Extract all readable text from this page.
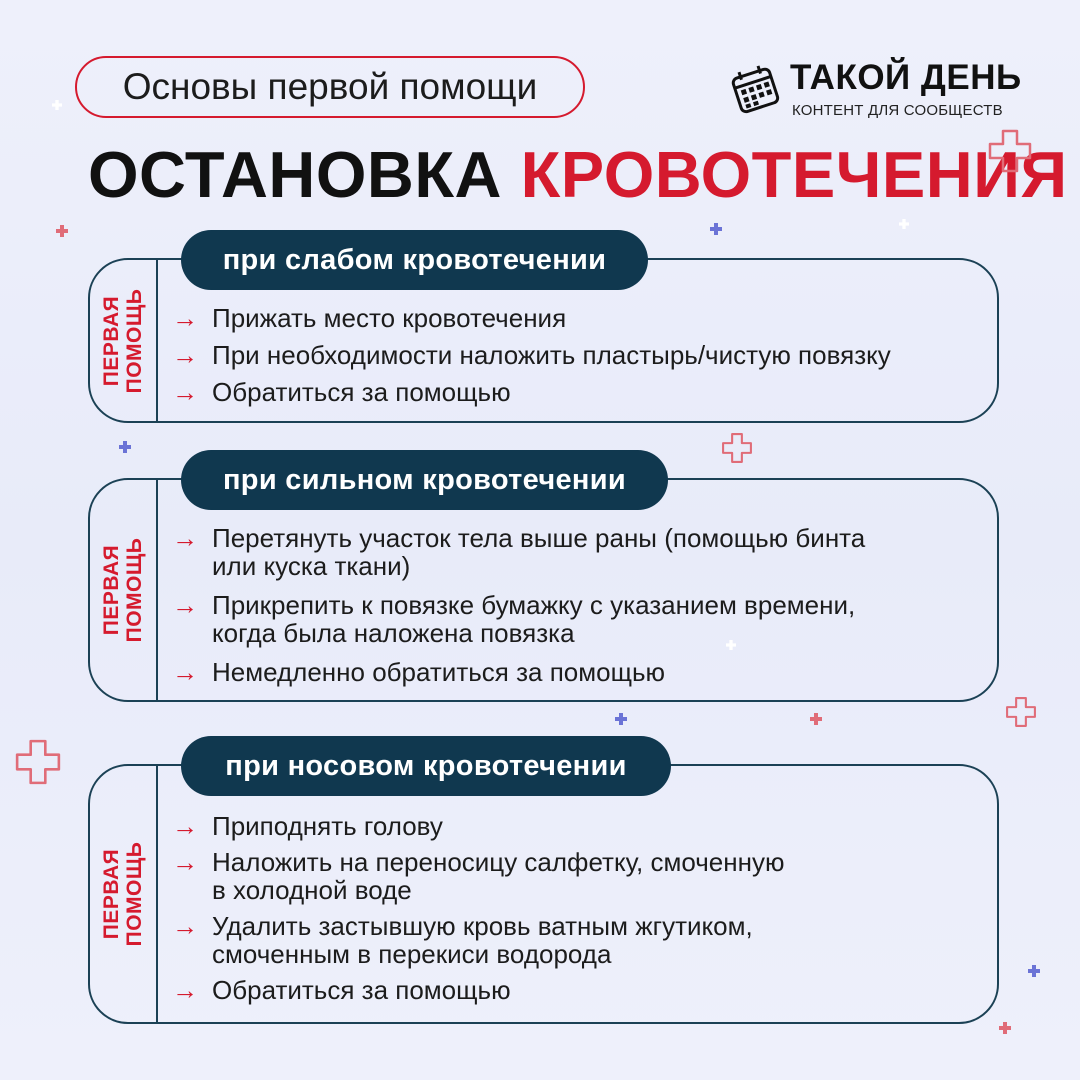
Основы первой помощи	ТАКОЙ ДЕНЬ
КОНТЕНТ ДЛЯ СООБЩЕСТВ
ОСТАНОВКА КРОВОТЕЧЕНИЯ
ПЕРВАЯ
ПОМОЩЬ → Прижать место кровотечения
→ При необходимости наложить пластырь/чистую повязку
→ Обратиться за помощью
при слабом кровотечении
ПЕРВАЯ
ПОМОЩЬ → Перетянуть участок тела выше раны (помощью бинта
или куска ткани)
→ Прикрепить к повязке бумажку с указанием времени,
когда была наложена повязка
→ Немедленно обратиться за помощью
при сильном кровотечении
ПЕРВАЯ
ПОМОЩЬ
→ Приподнять голову
→ Наложить на переносицу салфетку, смоченную
в холодной воде
→ Удалить застывшую кровь ватным жгутиком,
смоченным в перекиси водорода
→ Обратиться за помощью
при носовом кровотечении
